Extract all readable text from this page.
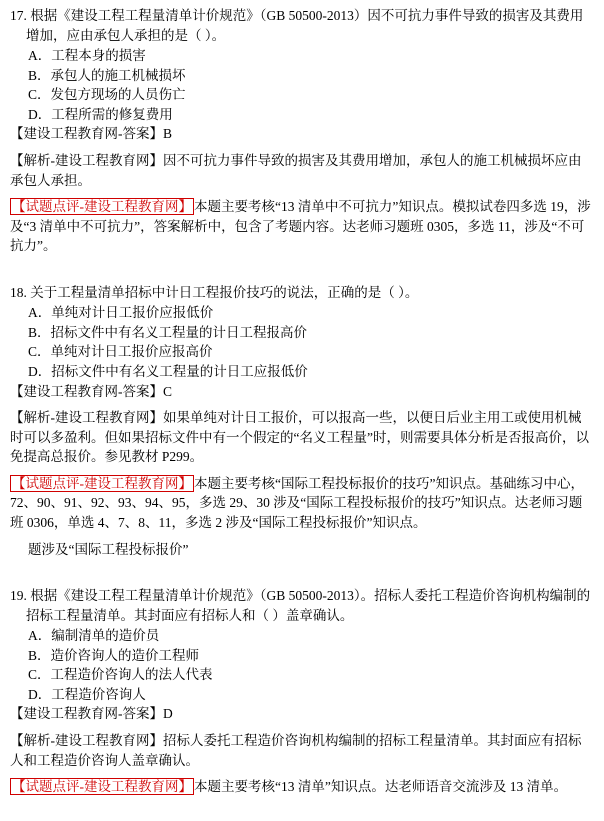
17. 根据《建设工程工程量清单计价规范》（GB 50500-2013）因不可抗力事件导致的损害及其费用增加，应由承包人承担的是（ ）。
A．工程本身的损害
B．承包人的施工机械损坏
C．发包方现场的人员伤亡
D．工程所需的修复费用
【建设工程教育网-答案】B
【解析-建设工程教育网】因不可抗力事件导致的损害及其费用增加，承包人的施工机械损坏应由承包人承担。
【试题点评-建设工程教育网】 本题主要考核“13 清单中不可抗力”知识点。模拟试卷四多选 19，涉及“3 清单中不可抗力”，答案解析中，包含了考题内容。达老师习题班 0305，多选 11，涉及“不可抗力”。
18. 关于工程量清单招标中计日工程报价技巧的说法，正确的是（ ）。
A．单纯对计日工报价应报低价
B．招标文件中有名义工程量的计日工程报高价
C．单纯对计日工报价应报高价
D．招标文件中有名义工程量的计日工应报低价
【建设工程教育网-答案】C
【解析-建设工程教育网】如果单纯对计日工报价，可以报高一些，以便日后业主用工或使用机械时可以多盈利。但如果招标文件中有一个假定的“名义工程量”时，则需要具体分析是否报高价，以免提高总报价。参见教材 P299。
【试题点评-建设工程教育网】 本题主要考核“国际工程投标报价的技巧”知识点。基础练习中心，72、90、91、92、93、94、95，多选 29、30 涉及“国际工程投标报价的技巧”知识点。达老师习题班 0306，单选 4、7、8、11，多选 2 涉及“国际工程投标报价”知识点。
题涉及“国际工程投标报价”
19. 根据《建设工程工程量清单计价规范》（GB 50500-2013）。招标人委托工程造价咨询机构编制的招标工程量清单。其封面应有招标人和（ ）盖章确认。
A．编制清单的造价员
B．造价咨询人的造价工程师
C．工程造价咨询人的法人代表
D．工程造价咨询人
【建设工程教育网-答案】D
【解析-建设工程教育网】招标人委托工程造价咨询机构编制的招标工程量清单。其封面应有招标人和工程造价咨询人盖章确认。
【试题点评-建设工程教育网】 本题主要考核“13 清单”知识点。达老师语音交流涉及 13 清单。
